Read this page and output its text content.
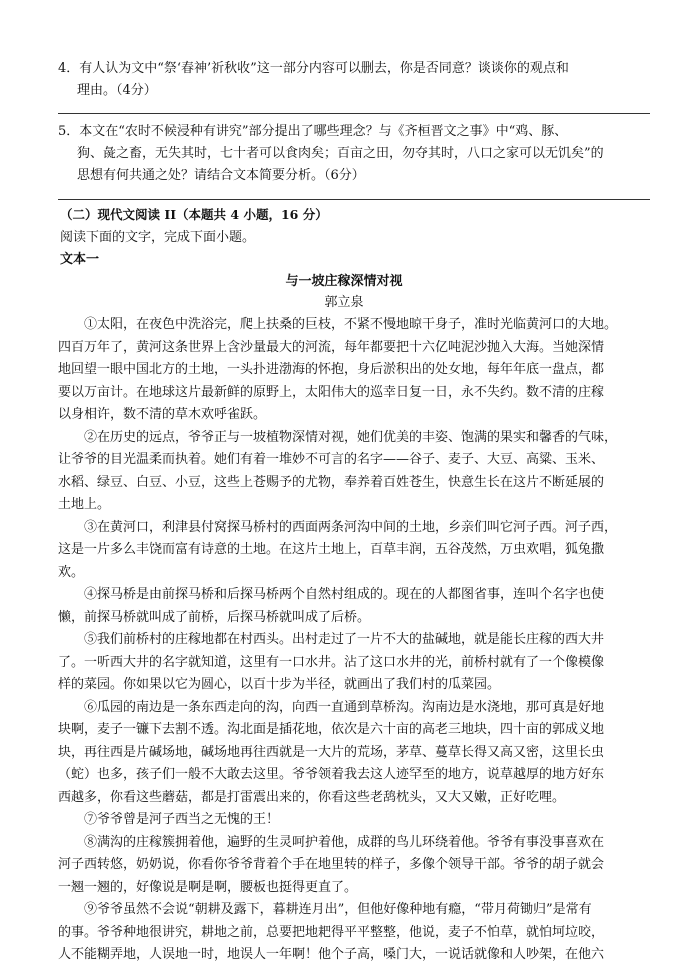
4．有人认为文中“祭‘春神’祈秋收”这一部分内容可以删去，你是否同意？谈谈你的观点和
理由。（4分）
5．本文在“农时不候浸种有讲究”部分提出了哪些理念？与《齐桓晋文之事》中“鸡、豚、
狗、彘之畜，无失其时，七十者可以食肉矣；百亩之田，勿夺其时，八口之家可以无饥矣”的
思想有何共通之处？请结合文本简要分析。（6分）
（二）现代文阅读 II（本题共 4 小题，16 分）
阅读下面的文字，完成下面小题。
文本一
与一坡庄稼深情对视
郭立泉
①太阳，在夜色中洗浴完，爬上扶桑的巨枝，不紧不慢地晾干身子，准时光临黄河口的大地。
四百万年了，黄河这条世界上含沙量最大的河流，每年都要把十六亿吨泥沙抛入大海。当她深情
地回望一眼中国北方的土地，一头扑进渤海的怀抱，身后淤积出的处女地，每年年底一盘点，都
要以万亩计。在地球这片最新鲜的原野上，太阳伟大的巡幸日复一日，永不失约。数不清的庄稼
以身相许，数不清的草木欢呼雀跃。
②在历史的远点，爷爷正与一坡植物深情对视，她们优美的丰姿、饱满的果实和馨香的气味，
让爷爷的目光温柔而执着。她们有着一堆妙不可言的名字——谷子、麦子、大豆、高粱、玉米、
水稻、绿豆、白豆、小豆，这些上苍赐予的尤物，奉养着百姓苍生，快意生长在这片不断延展的
土地上。
③在黄河口，利津县付窝探马桥村的西面两条河沟中间的土地，乡亲们叫它河子西。河子西，
这是一片多么丰饶而富有诗意的土地。在这片土地上，百草丰润，五谷茂然，万虫欢唱，狐兔撒
欢。
④探马桥是由前探马桥和后探马桥两个自然村组成的。现在的人都图省事，连叫个名字也使
懒，前探马桥就叫成了前桥，后探马桥就叫成了后桥。
⑤我们前桥村的庄稼地都在村西头。出村走过了一片不大的盐碱地，就是能长庄稼的西大井
了。一听西大井的名字就知道，这里有一口水井。沾了这口水井的光，前桥村就有了一个像模像
样的菜园。你如果以它为圆心，以百十步为半径，就画出了我们村的瓜菜园。
⑥瓜园的南边是一条东西走向的沟，向西一直通到草桥沟。沟南边是水浇地，那可真是好地
块啊，麦子一镰下去割不透。沟北面是插花地，依次是六十亩的高老三地块，四十亩的郭成义地
块，再往西是片碱场地，碱场地再往西就是一大片的荒场，茅草、蔓草长得又高又密，这里长虫
（蛇）也多，孩子们一般不大敢去这里。爷爷领着我去这人迹罕至的地方，说草越厚的地方好东
西越多，你看这些蘑菇，都是打雷震出来的，你看这些老鸹枕头，又大又嫩，正好吃哩。
⑦爷爷曾是河子西当之无愧的王！
⑧满沟的庄稼簇拥着他，遍野的生灵呵护着他，成群的鸟儿环绕着他。爷爷有事没事喜欢在
河子西转悠，奶奶说，你看你爷爷背着个手在地里转的样子，多像个领导干部。爷爷的胡子就会
一翘一翘的，好像说是啊是啊，腰板也挺得更直了。
⑨爷爷虽然不会说“朝耕及露下，暮耕连月出”，但他好像种地有瘾，“带月荷锄归”是常有
的事。爷爷种地很讲究，耕地之前，总要把地耙得平平整整，他说，麦子不怕草，就怕坷垃咬，
人不能糊弄地，人误地一时，地误人一年啊！他个子高，嗓门大，一说话就像和人吵架，在他六
